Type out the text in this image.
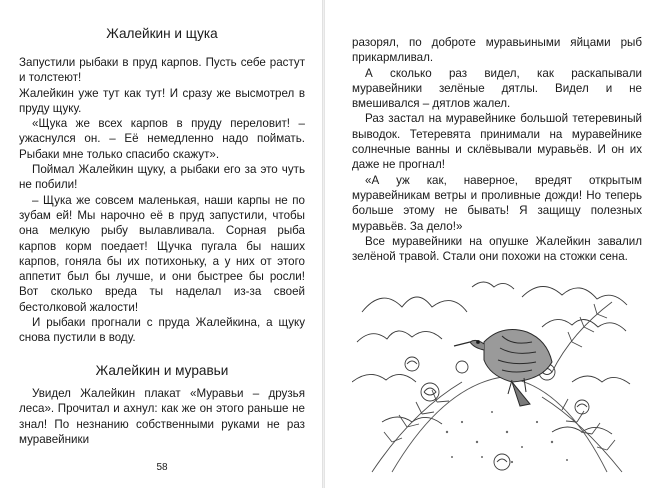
Жалейкин и щука

Запустили рыбаки в пруд карпов. Пусть себе растут и толстеют!

Жалейкин уже тут как тут! И сразу же высмотрел в пруду щуку.

«Щука же всех карпов в пруду переловит! – ужаснулся он. – Её немедленно надо поймать. Рыбаки мне только спасибо скажут».

Поймал Жалейкин щуку, а рыбаки его за это чуть не побили!

– Щука же совсем маленькая, наши карпы не по зубам ей! Мы нарочно её в пруд запустили, чтобы она мелкую рыбу вылавливала. Сорная рыба карпов корм поедает! Щучка пугала бы наших карпов, гоняла бы их потихоньку, а у них от этого аппетит был бы лучше, и они быстрее бы росли! Вот сколько вреда ты наделал из-за своей бестолковой жалости!

И рыбаки прогнали с пруда Жалейкина, а щуку снова пустили в воду.

Жалейкин и муравьи

Увидел Жалейкин плакат «Муравьи – друзья леса». Прочитал и ахнул: как же он этого раньше не знал! По незнанию собственными руками не раз муравейники

58

разорял, по доброте муравьиными яйцами рыб прикармливал.

А сколько раз видел, как раскапывали муравейники зелёные дятлы. Видел и не вмешивался – дятлов жалел.

Раз застал на муравейнике большой тетеревиный выводок. Тетеревята принимали на муравейнике солнечные ванны и склёвывали муравьёв. И он их даже не прогнал!

«А уж как, наверное, вредят открытым муравейникам ветры и проливные дожди! Но теперь больше этому не бывать! Я защищу полезных муравьёв. За дело!»

Все муравейники на опушке Жалейкин завалил зелёной травой. Стали они похожи на стожки сена.
